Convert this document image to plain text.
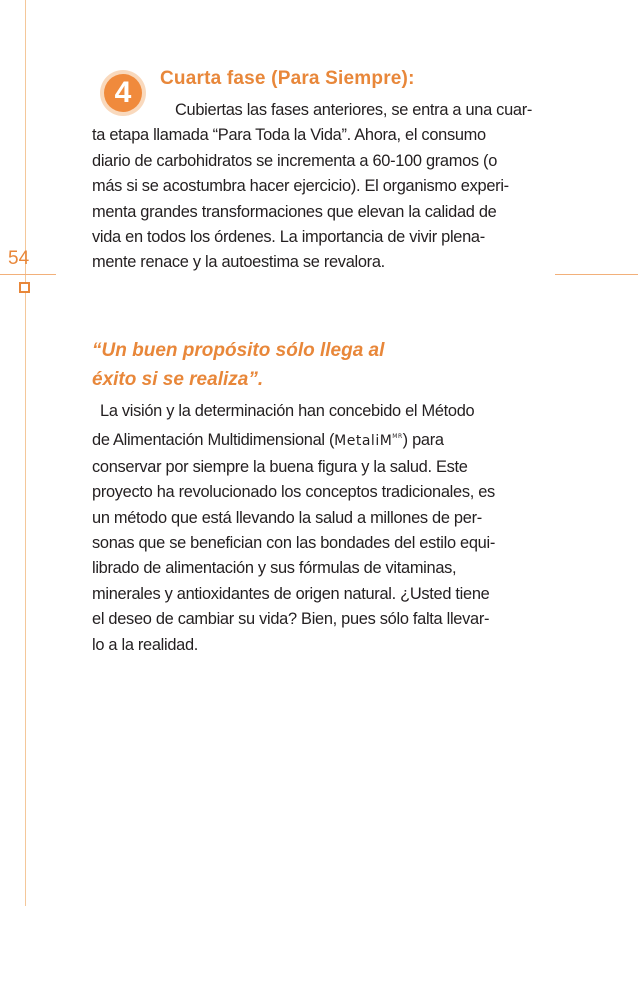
54
4	Cuarta fase (Para Siempre):
Cubiertas las fases anteriores, se entra a una cuar-
ta etapa llamada “Para Toda la Vida”. Ahora, el consumo
diario de carbohidratos se incrementa a 60-100 gramos (o
más si se acostumbra hacer ejercicio). El organismo experi-
menta grandes transformaciones que elevan la calidad de
vida en todos los órdenes. La importancia de vivir plena-
mente renace y la autoestima se revalora.
“Un buen propósito sólo llega al
éxito si se realiza”.
La visión y la determinación han concebido el Método
de Alimentación Multidimensional (MetaliM$^{MR}$) para
conservar por siempre la buena figura y la salud. Este
proyecto ha revolucionado los conceptos tradicionales, es
un método que está llevando la salud a millones de per-
sonas que se benefician con las bondades del estilo equi-
librado de alimentación y sus fórmulas de vitaminas,
minerales y antioxidantes de origen natural. ¿Usted tiene
el deseo de cambiar su vida? Bien, pues sólo falta llevar-
lo a la realidad.
